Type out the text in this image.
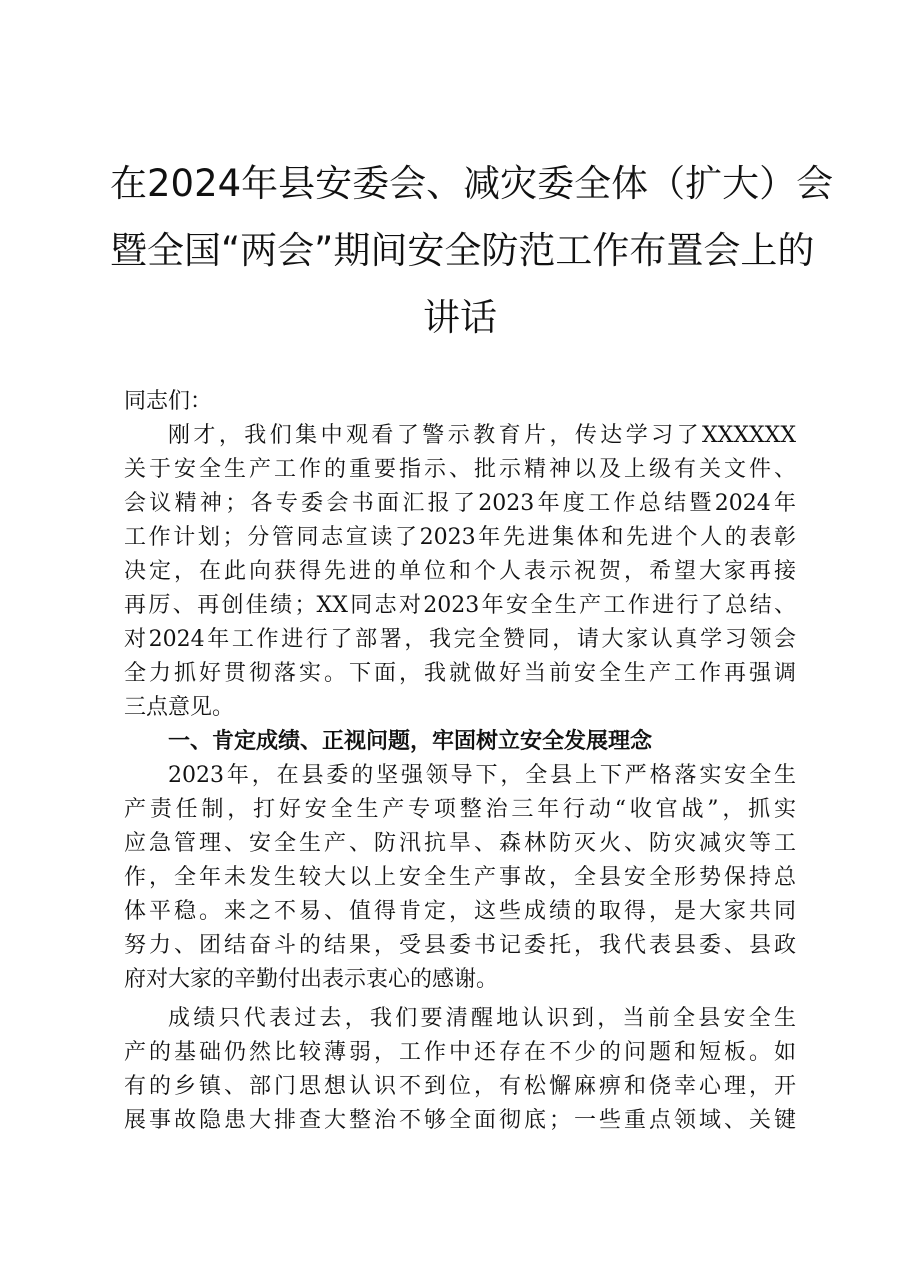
在2024年县安委会、减灾委全体（扩大）会
暨全国“两会”期间安全防范工作布置会上的
讲话

同志们：

刚才，我们集中观看了警示教育片，传达学习了XXXXXX
关于安全生产工作的重要指示、批示精神以及上级有关文件、
会议精神；各专委会书面汇报了2023年度工作总结暨2024年
工作计划；分管同志宣读了2023年先进集体和先进个人的表彰
决定，在此向获得先进的单位和个人表示祝贺，希望大家再接
再厉、再创佳绩；XX同志对2023年安全生产工作进行了总结、
对2024年工作进行了部署，我完全赞同，请大家认真学习领会
全力抓好贯彻落实。下面，我就做好当前安全生产工作再强调
三点意见。

一、肯定成绩、正视问题，牢固树立安全发展理念

2023年，在县委的坚强领导下，全县上下严格落实安全生
产责任制，打好安全生产专项整治三年行动“收官战”，抓实
应急管理、安全生产、防汛抗旱、森林防灭火、防灾减灾等工
作，全年未发生较大以上安全生产事故，全县安全形势保持总
体平稳。来之不易、值得肯定，这些成绩的取得，是大家共同
努力、团结奋斗的结果，受县委书记委托，我代表县委、县政
府对大家的辛勤付出表示衷心的感谢。
成绩只代表过去，我们要清醒地认识到，当前全县安全生
产的基础仍然比较薄弱，工作中还存在不少的问题和短板。如
有的乡镇、部门思想认识不到位，有松懈麻痹和侥幸心理，开
展事故隐患大排查大整治不够全面彻底；一些重点领域、关键
